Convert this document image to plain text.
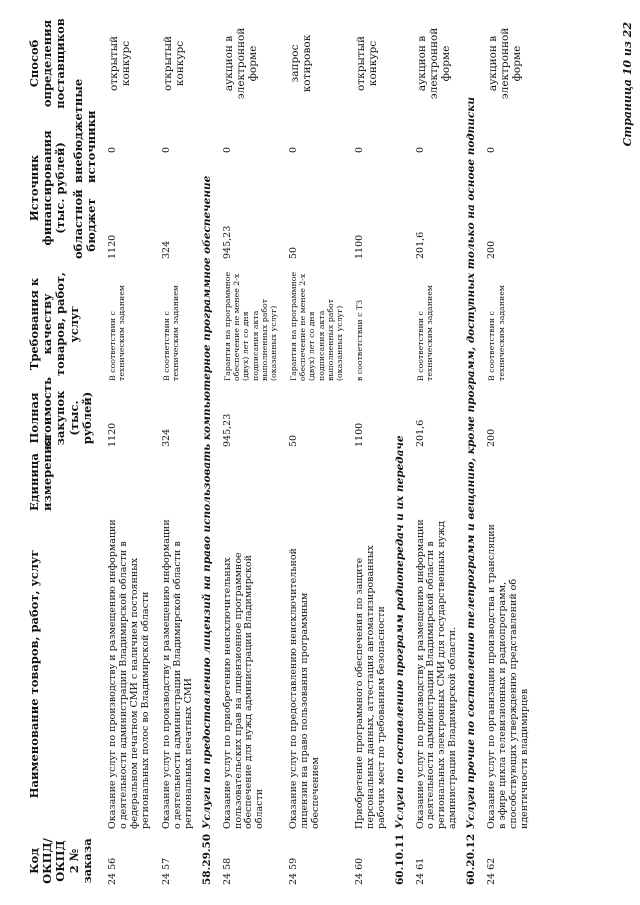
Код ОКПД/ ОКПД 2 № заказа	Наименование товаров, работ, услуг	Единица измерения	Полная стоимость закупок (тыс. рублей)	Требования к качеству товаров, работ, услуг	Источник финансирования (тыс. рублей)		Способ определения поставщиков
					областной бюджет	внебюджетные источники	
24 56	Оказание услуг по производству и размещению информации о деятельности администрации Владимирской области в федеральном печатном СМИ с наличием постоянных региональных полос во Владимирской области		1120	В соответствии с техническим заданием	1120	0	открытый конкурс
24 57	Оказание услуг по производству и размещению информации о деятельности администрации Владимирской области в региональных печатных СМИ		324	В соответствии с техническим заданием	324	0	открытый конкурс
58.29.50	Услуги по предоставлению лицензий на право использовать компьютерное программное обеспечение						
24 58	Оказание услуг по приобретению неисключительных пользовательских прав на лицензионное программное обеспечение для нужд администрации Владимирской области		945,23	Гарантия на программное обеспечение не менее 2-х (двух) лет со дня подписания акта выполненных работ (оказанных услуг)	945,23	0	аукцион в электронной форме
24 59	Оказание услуг по предоставлению неисключительной лицензии на право пользования программным обеспечением		50	Гарантия на программное обеспечение не менее 2-х (двух) лет со дня подписания акта выполненных работ (оказанных услуг)	50	0	запрос котировок
24 60	Приобретение программного обеспечения по защите персональных данных, аттестация автоматизированных рабочих мест по требованиям безопасности		1100	в соответствии с ТЗ	1100	0	открытый конкурс
60.10.11	Услуги по составлению программ радиопередач и их передаче						
24 61	Оказание услуг по производству и размещению информации о деятельности администрации Владимирской области в региональных электронных СМИ для государственных нужд администрации Владимирской области.		201,6	В соответствии с техническим заданием	201,6	0	аукцион в электронной форме
60.20.12	Услуги прочие по составлению телепрограмм и вещанию, кроме программ, доступных только на основе подписки						
24 62	Оказание услуг по организации производства и трансляции в эфире цикла телевизионных и радиопрограмм, способствующих утверждению представлений об идентичности владимирцев		200	В соответствии с техническим заданием	200	0	аукцион в электронной форме	Страница 10 из 22
